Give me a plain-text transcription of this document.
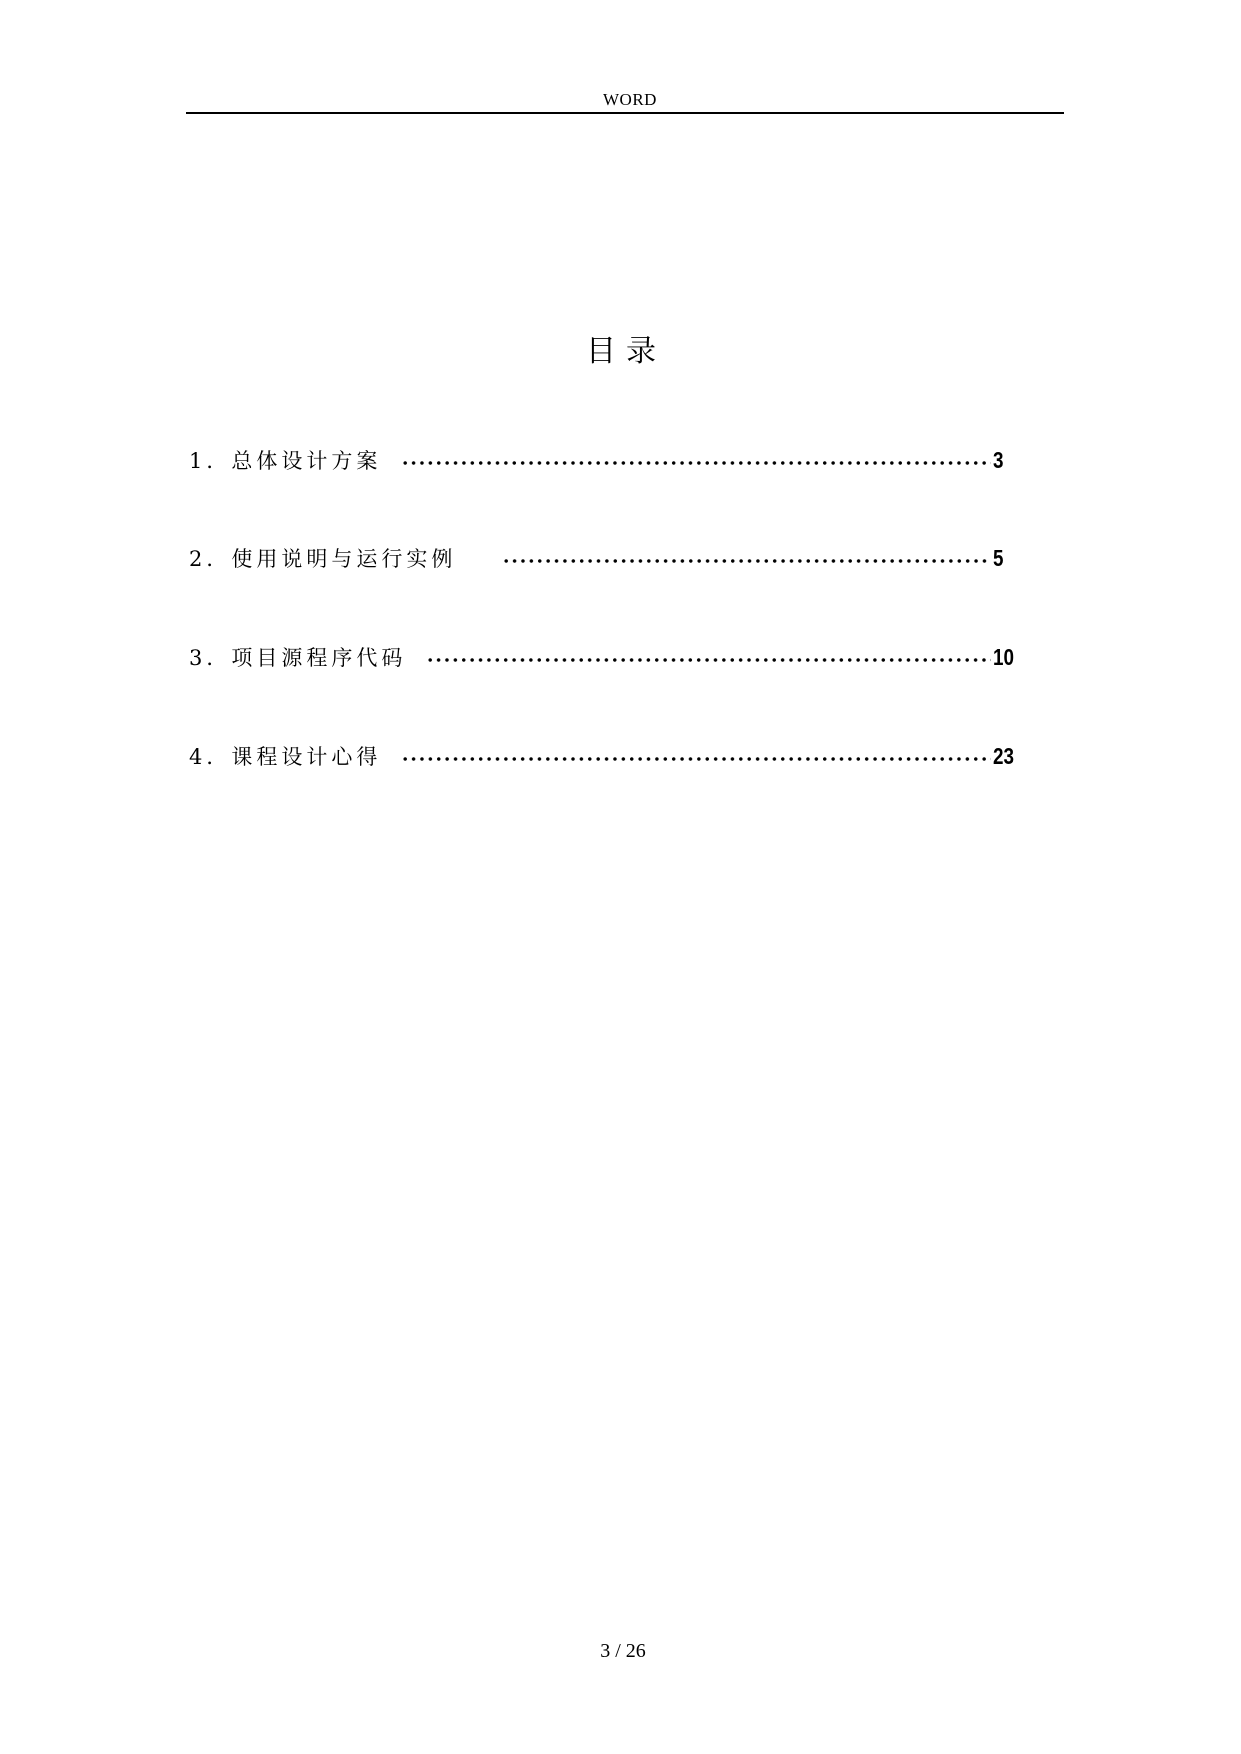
WORD
目录
1．总体设计方案	3
2．使用说明与运行实例	5
3．项目源程序代码	10
4．课程设计心得	23
3 / 26
